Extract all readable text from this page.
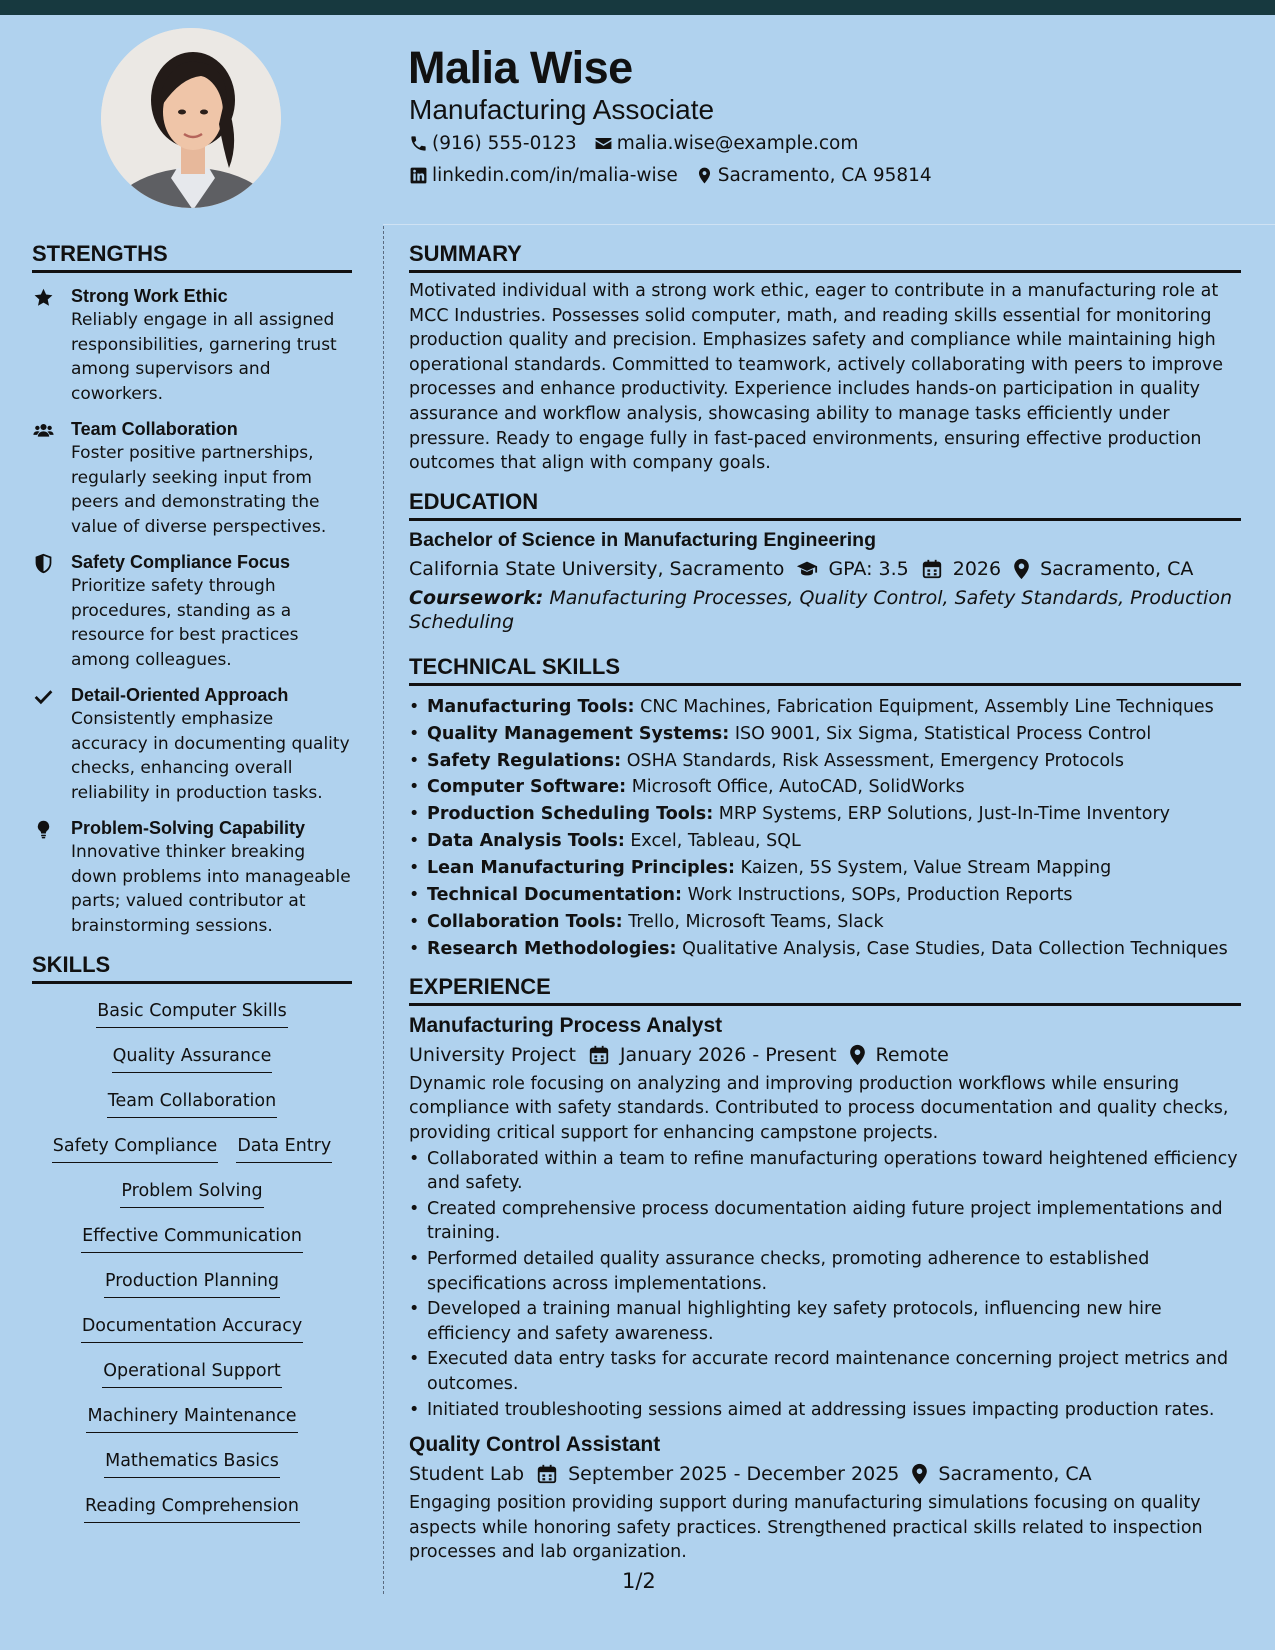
Malia Wise
Manufacturing Associate
(916) 555-0123 malia.wise@example.com
linkedin.com/in/malia-wise Sacramento, CA 95814
STRENGTHS
Strong Work Ethic
Reliably engage in all assigned responsibilities, garnering trust among supervisors and coworkers.
Team Collaboration
Foster positive partnerships, regularly seeking input from peers and demonstrating the value of diverse perspectives.
Safety Compliance Focus
Prioritize safety through procedures, standing as a resource for best practices among colleagues.
Detail-Oriented Approach
Consistently emphasize accuracy in documenting quality checks, enhancing overall reliability in production tasks.
Problem-Solving Capability
Innovative thinker breaking down problems into manageable parts; valued contributor at brainstorming sessions.
SKILLS
Basic Computer Skills
Quality Assurance
Team Collaboration
Safety Compliance Data Entry
Problem Solving
Effective Communication
Production Planning
Documentation Accuracy
Operational Support
Machinery Maintenance
Mathematics Basics
Reading Comprehension
SUMMARY
Motivated individual with a strong work ethic, eager to contribute in a manufacturing role at MCC Industries. Possesses solid computer, math, and reading skills essential for monitoring production quality and precision. Emphasizes safety and compliance while maintaining high operational standards. Committed to teamwork, actively collaborating with peers to improve processes and enhance productivity. Experience includes hands-on participation in quality assurance and workflow analysis, showcasing ability to manage tasks efficiently under pressure. Ready to engage fully in fast-paced environments, ensuring effective production outcomes that align with company goals.
EDUCATION
Bachelor of Science in Manufacturing Engineering
California State University, Sacramento GPA: 3.5 2026 Sacramento, CA
Coursework: Manufacturing Processes, Quality Control, Safety Standards, Production Scheduling
TECHNICAL SKILLS
• Manufacturing Tools: CNC Machines, Fabrication Equipment, Assembly Line Techniques
• Quality Management Systems: ISO 9001, Six Sigma, Statistical Process Control
• Safety Regulations: OSHA Standards, Risk Assessment, Emergency Protocols
• Computer Software: Microsoft Office, AutoCAD, SolidWorks
• Production Scheduling Tools: MRP Systems, ERP Solutions, Just-In-Time Inventory
• Data Analysis Tools: Excel, Tableau, SQL
• Lean Manufacturing Principles: Kaizen, 5S System, Value Stream Mapping
• Technical Documentation: Work Instructions, SOPs, Production Reports
• Collaboration Tools: Trello, Microsoft Teams, Slack
• Research Methodologies: Qualitative Analysis, Case Studies, Data Collection Techniques
EXPERIENCE
Manufacturing Process Analyst
University Project January 2026 - Present Remote
Dynamic role focusing on analyzing and improving production workflows while ensuring compliance with safety standards. Contributed to process documentation and quality checks, providing critical support for enhancing campstone projects.
• Collaborated within a team to refine manufacturing operations toward heightened efficiency and safety.
• Created comprehensive process documentation aiding future project implementations and training.
• Performed detailed quality assurance checks, promoting adherence to established specifications across implementations.
• Developed a training manual highlighting key safety protocols, influencing new hire efficiency and safety awareness.
• Executed data entry tasks for accurate record maintenance concerning project metrics and outcomes.
• Initiated troubleshooting sessions aimed at addressing issues impacting production rates.
Quality Control Assistant
Student Lab September 2025 - December 2025 Sacramento, CA
Engaging position providing support during manufacturing simulations focusing on quality aspects while honoring safety practices. Strengthened practical skills related to inspection processes and lab organization.
1/2
